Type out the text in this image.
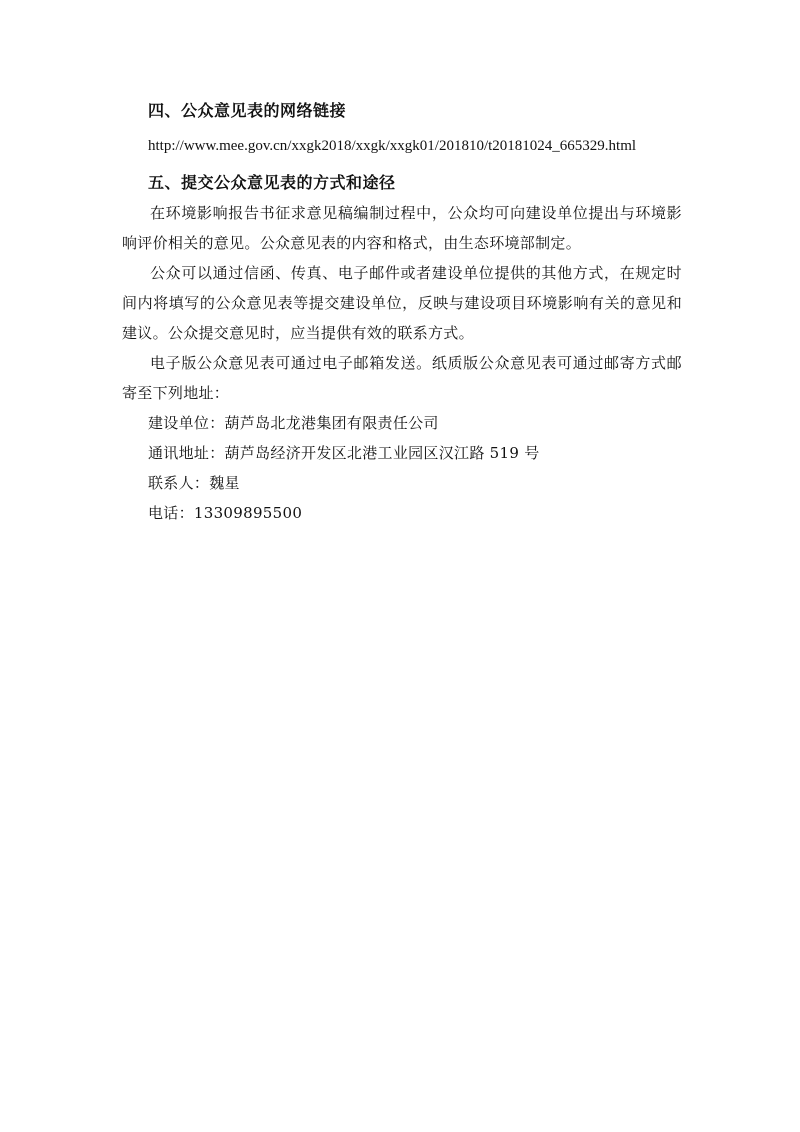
四、公众意见表的网络链接
http://www.mee.gov.cn/xxgk2018/xxgk/xxgk01/201810/t20181024_665329.html
五、提交公众意见表的方式和途径

在环境影响报告书征求意见稿编制过程中，公众均可向建设单位提出与环境影响评价相关的意见。公众意见表的内容和格式，由生态环境部制定。

公众可以通过信函、传真、电子邮件或者建设单位提供的其他方式，在规定时间内将填写的公众意见表等提交建设单位，反映与建设项目环境影响有关的意见和建议。公众提交意见时，应当提供有效的联系方式。

电子版公众意见表可通过电子邮箱发送。纸质版公众意见表可通过邮寄方式邮寄至下列地址：

建设单位：葫芦岛北龙港集团有限责任公司
通讯地址：葫芦岛经济开发区北港工业园区汉江路 519 号
联系人：魏星
电话：13309895500
